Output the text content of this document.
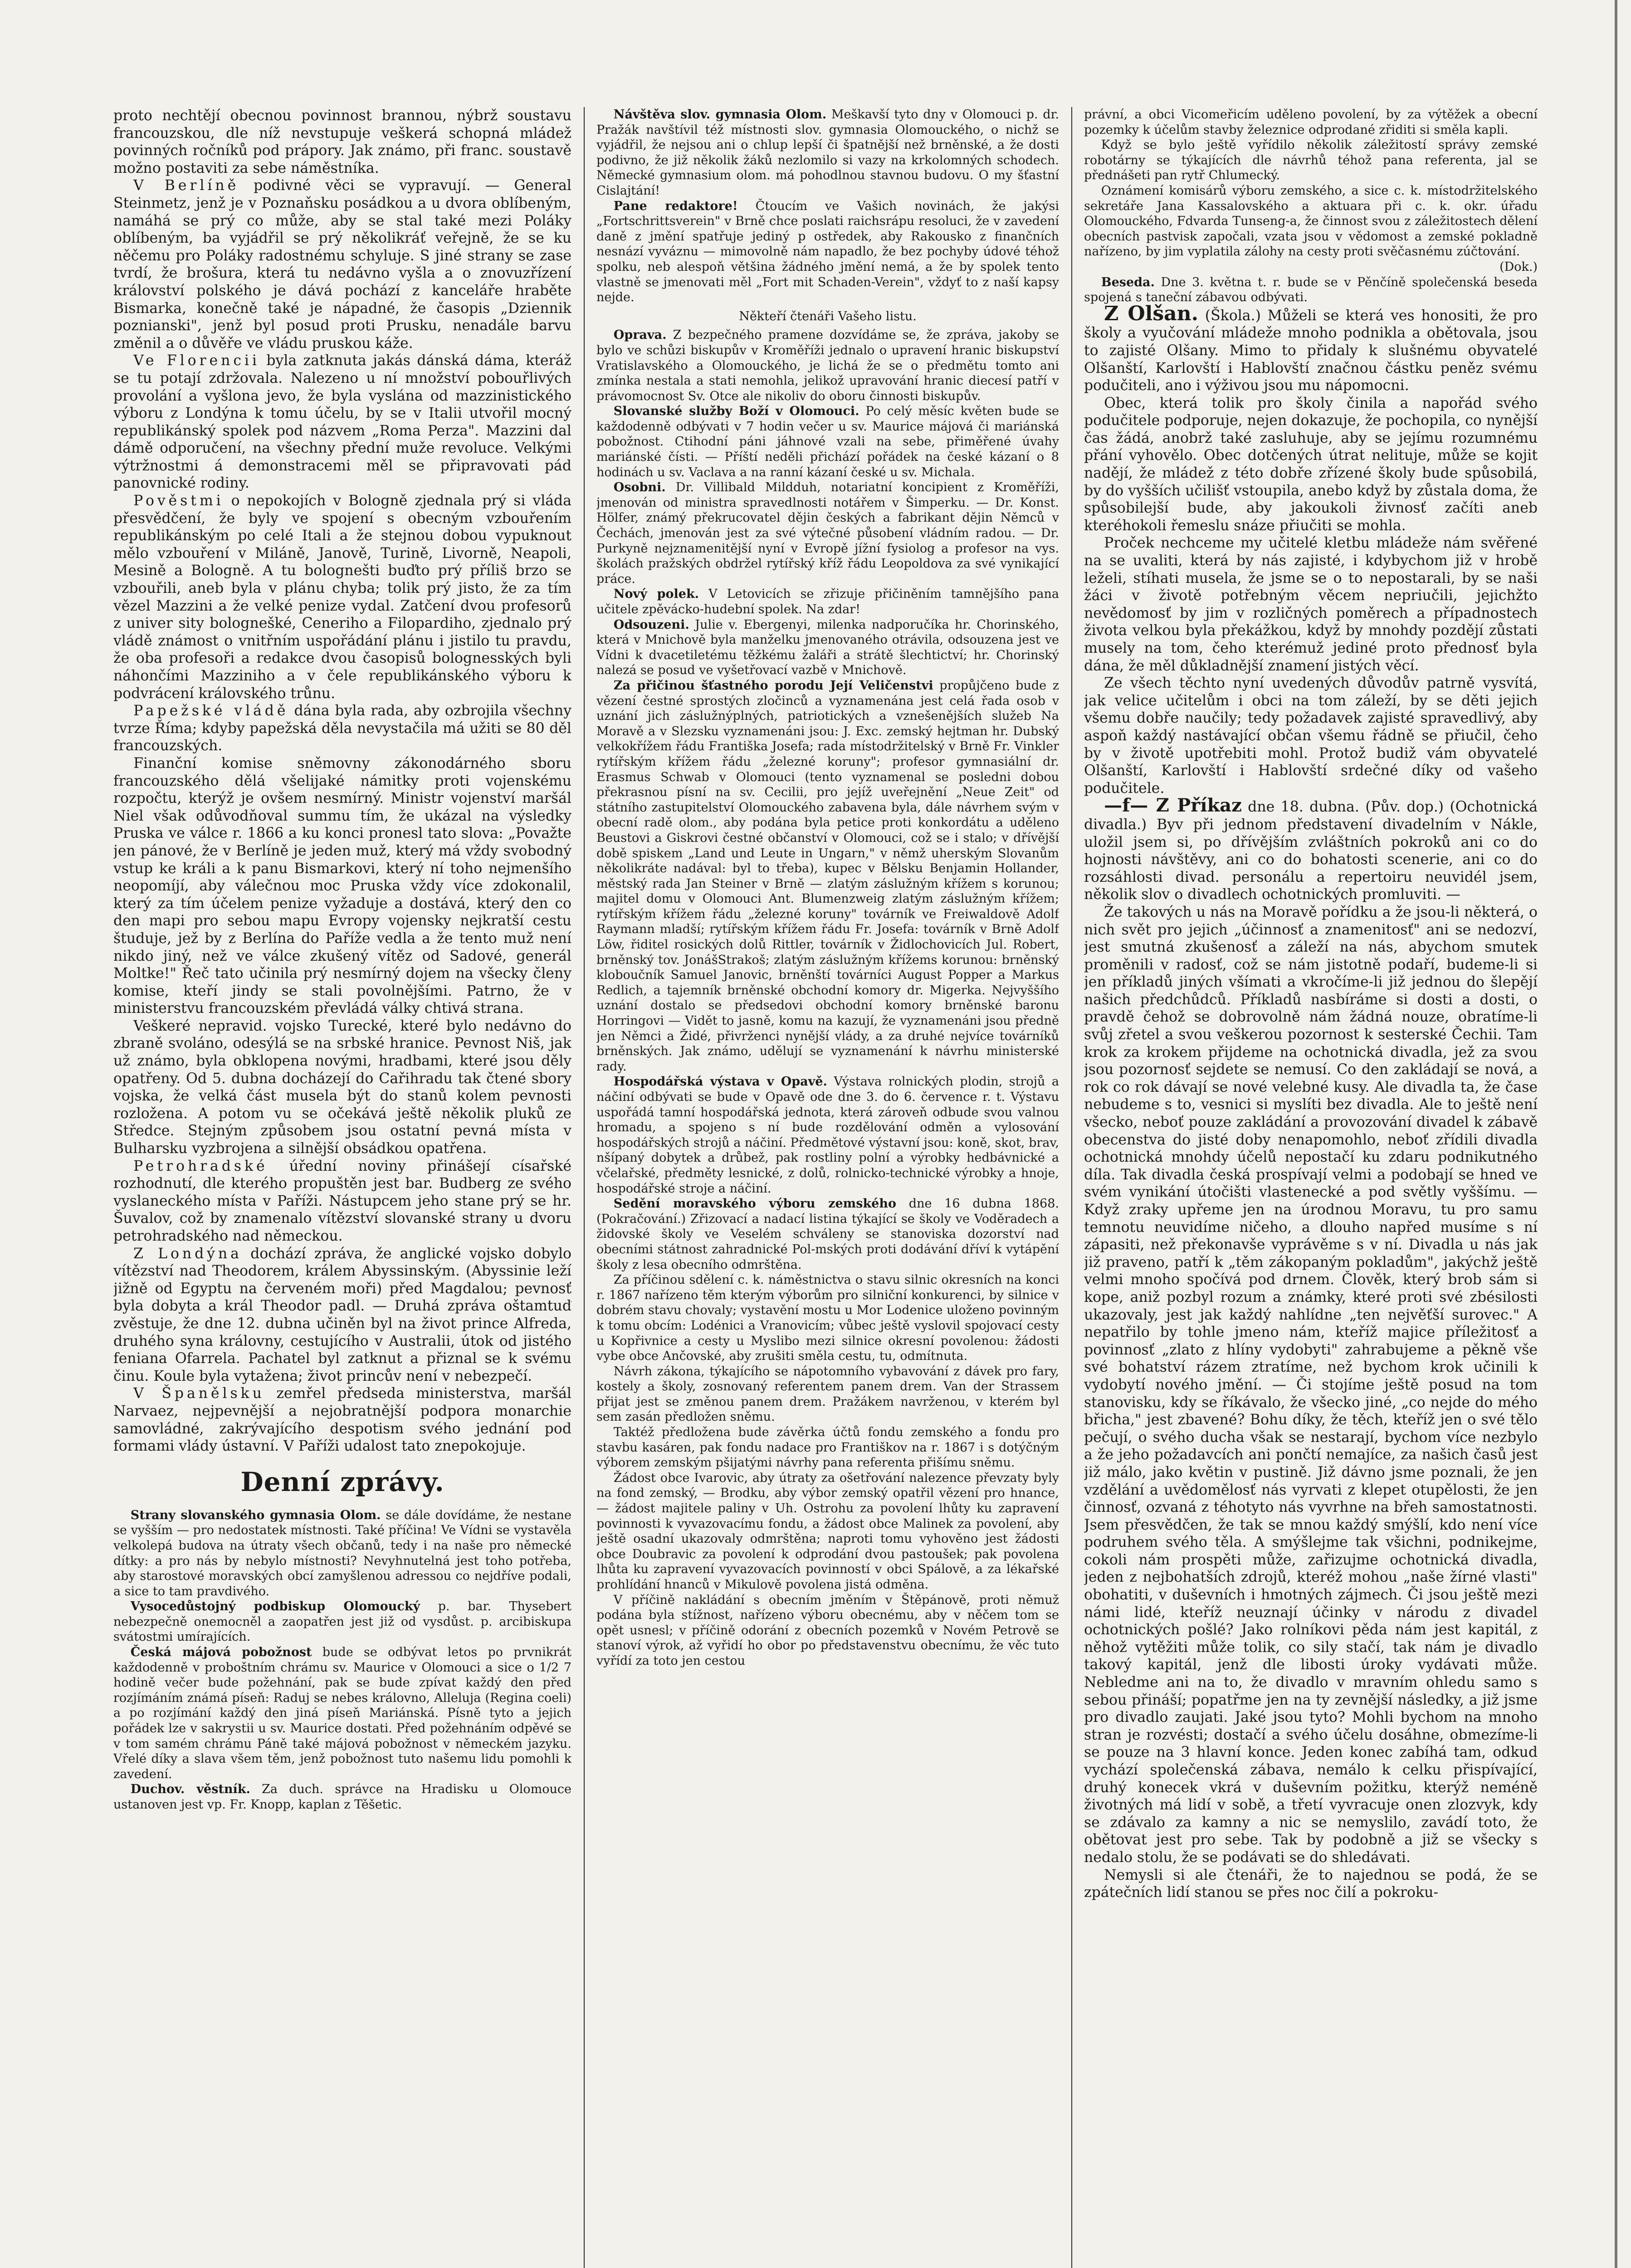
proto nechtějí obecnou povinnost brannou, nýbrž soustavu francouzskou, dle níž nevstupuje veškerá schopná mládež povinných ročníků pod prápory. Jak známo, při franc. soustavě možno postaviti za sebe náměstníka.

V Berlíně podivné věci se vypravují. — General Steinmetz, jenž je v Poznaňsku posádkou a u dvora oblíbeným, namáhá se prý co může, aby se stal také mezi Poláky oblíbeným, ba vyjádřil se prý několikráť veřejně, že se ku něčemu pro Poláky radostnému schyluje. S jiné strany se zase tvrdí, že brošura, která tu nedávno vyšla a o znovuzřízení království polského je dává pochází z kanceláře hraběte Bismarka, konečně také je nápadné, že časopis „Dziennik poznianski", jenž byl posud proti Prusku, nenadále barvu změnil a o důvěře ve vládu pruskou káže.

Ve Florencii byla zatknuta jakás dánská dáma, kteráž se tu potají zdržovala. Nalezeno u ní množství pobouřlivých provolání a vyšlona jevo, že byla vyslána od mazzinistického výboru z Londýna k tomu účelu, by se v Italii utvořil mocný republikánský spolek pod názvem „Roma Perza". Mazzini dal dámě odporučení, na všechny přední muže revoluce. Velkými výtržnostmi á demonstracemi měl se připravovati pád panovnické rodiny.

Pověstmi o nepokojích v Bologně zjednala prý si vláda přesvědčení, že byly ve spojení s obecným vzbouřením republikánským po celé Itali a že stejnou dobou vypuknout mělo vzbouření v Miláně, Janově, Turině, Livorně, Neapoli, Mesině a Bologně. A tu bolognešti buďto prý příliš brzo se vzbouřili, aneb byla v plánu chyba; tolik prý jisto, že za tím vězel Mazzini a že velké penize vydal. Zatčení dvou profesorů z univer sity bolognešké, Ceneriho a Filopardiho, zjednalo prý vládě známost o vnitřním uspořádání plánu i jistilo tu pravdu, že oba profesoři a redakce dvou časopisů bolognesských byli náhončími Mazziniho a v čele republikánského výboru k podvrácení královského trůnu.

Papežské vládě dána byla rada, aby ozbrojila všechny tvrze Říma; kdyby papežská děla nevystačila má užiti se 80 děl francouzských.

Finanční komise sněmovny zákonodárného sboru francouzského dělá všelijaké námitky proti vojenskému rozpočtu, kterýž je ovšem nesmírný. Ministr vojenství maršál Niel však odůvodňoval summu tím, že ukázal na výsledky Pruska ve válce r. 1866 a ku konci pronesl tato slova: „Považte jen pánové, že v Berlíně je jeden muž, který má vždy svobodný vstup ke králi a k panu Bismarkovi, který ní toho nejmenšího neopomíjí, aby válečnou moc Pruska vždy více zdokonalil, který za tím účelem penize vyžaduje a dostává, který den co den mapi pro sebou mapu Evropy vojensky nejkratší cestu študuje, jež by z Berlína do Paříže vedla a že tento muž není nikdo jiný, než ve válce zkušený vítěz od Sadové, generál Moltke!" Řeč tato učinila prý nesmírný dojem na všecky členy komise, kteří jindy se stali povolnějšími. Patrno, že v ministerstvu francouzském převládá války chtivá strana.

Veškeré nepravid. vojsko Turecké, které bylo nedávno do zbraně svoláno, odesýlá se na srbské hranice. Pevnost Niš, jak už známo, byla obklopena novými, hradbami, které jsou děly opatřeny. Od 5. dubna docházejí do Cařihradu tak čtené sbory vojska, že velká část musela být do stanů kolem pevnosti rozložena. A potom vu se očekává ještě několik pluků ze Středce. Stejným způsobem jsou ostatní pevná místa v Bulharsku vyzbrojena a silnější obsádkou opatřena.

Petrohradské úřední noviny přinášejí císařské rozhodnutí, dle kterého propuštěn jest bar. Budberg ze svého vyslaneckého místa v Paříži. Nástupcem jeho stane prý se hr. Šuvalov, což by znamenalo vítězství slovanské strany u dvoru petrohradského nad německou.

Z Londýna dochází zpráva, že anglické vojsko dobylo vítězství nad Theodorem, králem Abyssinským. (Abyssinie leží jižně od Egyptu na červeném moři) před Magdalou; pevnosť byla dobyta a král Theodor padl. — Druhá zpráva oštamtuď zvěstuje, že dne 12. dubna učiněn byl na život prince Alfreda, druhého syna královny, cestujícího v Australii, útok od jistého feniana Ofarrela. Pachatel byl zatknut a přiznal se k svému činu. Koule byla vytažena; život princův není v nebezpečí.

V Španělsku zemřel předseda ministerstva, maršál Narvaez, nejpevnější a nejobratnější podpora monarchie samovládné, zakrývajícího despotism svého jednání pod formami vlády ústavní. V Paříži udalost tato znepokojuje.

Denní zprávy.

Strany slovanského gymnasia Olom. se dále dovídáme, že nestane se vyšším — pro nedostatek místnosti. Také příčina! Ve Vídni se vystavěla velkolepá budova na útraty všech občanů, tedy i na naše pro německé dítky: a pro nás by nebylo místnosti? Nevyhnutelná jest toho potřeba, aby starostové moravských obcí zamyšlenou adressou co nejdříve podali, a sice to tam pravdivého.

Vysocedůstojný podbiskup Olomoucký p. bar. Thysebert nebezpečně onemocněl a zaopatřen jest již od vysdůst. p. arcibiskupa svátostmi umírajících.

Česká májová pobožnost bude se odbývat letos po prvnikrát každodenně v proboštním chrámu sv. Maurice v Olomouci a sice o 1/2 7 hodině večer bude požehnání, pak se bude zpívat každý den před rozjímáním známá píseň: Raduj se nebes královno, Alleluja (Regina coeli) a po rozjímání každý den jiná píseň Mariánská. Písně tyto a jejich pořádek lze v sakrystii u sv. Maurice dostati. Před požehnáním odpěvé se v tom samém chrámu Páně také májová pobožnost v německém jazyku. Vřelé díky a slava všem těm, jenž pobožnost tuto našemu lidu pomohli k zavedení.

Duchov. věstník. Za duch. správce na Hradisku u Olomouce ustanoven jest vp. Fr. Knopp, kaplan z Těšetic.

Návštěva slov. gymnasia Olom. Meškavší tyto dny v Olomouci p. dr. Pražák navštívil též místnosti slov. gymnasia Olomouckého, o nichž se vyjádřil, že nejsou ani o chlup lepší či špatnější než brněnské, a že dosti podivno, že již několik žáků nezlomilo si vazy na krkolomných schodech. Německé gymnasium olom. má pohodlnou stavnou budovu. O my šťastní Cislajtání!

Pane redaktore! Čtoucím ve Vašich novinách, že jakýsi „Fortschrittsverein" v Brně chce poslati raichsrápu resoluci, že v zavedení daně z jmění spatřuje jediný p ostředek, aby Rakousko z finančních nesnází vyváznu — mimovolně nám napadlo, že bez pochyby údové téhož spolku, neb alespoň většina žádného jmění nemá, a že by spolek tento vlastně se jmenovati měl „Fort mit Schaden-Verein", vždyť to z naší kapsy nejde.

Někteří čtenáři Vašeho listu.

Oprava. Z bezpečného pramene dozvídáme se, že zpráva, jakoby se bylo ve schůzi biskupův v Kroměříži jednalo o upravení hranic biskupství Vratislavského a Olomouckého, je lichá že se o předmětu tomto ani zmínka nestala a stati nemohla, jelikož upravování hranic diecesí patří v právomocnost Sv. Otce ale nikoliv do oboru činnosti biskupův.

Slovanské služby Boží v Olomouci. Po celý měsíc květen bude se každodenně odbývati v 7 hodin večer u sv. Maurice májová či mariánská pobožnost. Ctihodní páni jáhnové vzali na sebe, přiměřené úvahy mariánské čísti. — Příští neděli přichází pořádek na české kázaní o 8 hodinách u sv. Vaclava a na ranní kázaní české u sv. Michala.

Osobni. Dr. Villibald Mildduh, notariatní koncipient z Kroměříži, jmenován od ministra spravedlnosti notářem v Šimperku. — Dr. Konst. Hölfer, známý překrucovatel dějin českých a fabrikant dějin Němců v Čechách, jmenován jest za své výtečné působení vládním radou. — Dr. Purkyně nejznamenitější nyní v Evropě jížní fysiolog a profesor na vys. školách pražských obdržel rytířský kříž řádu Leopoldova za své vynikající práce.

Nový polek. V Letovicích se zřizuje přičiněním tamnějšího pana učitele zpěvácko-hudební spolek. Na zdar!

Odsouzeni. Julie v. Ebergenyi, milenka nadporučíka hr. Chorinského, která v Mnichově byla manželku jmenovaného otrávila, odsouzena jest ve Vídni k dvacetiletému těžkému žaláři a strátě šlechtictví; hr. Chorinský nalezá se posud ve vyšetřovací vazbě v Mnichově.

Za přičinou šťastného porodu Její Veličenstvi propůjčeno bude z vězení čestné sprostých zločinců a vyznamenána jest celá řada osob v uznání jich záslužnýplných, patriotických a vznešenějších služeb Na Moravě a v Slezsku vyznamenáni jsou: J. Exc. zemský hejtman hr. Dubský velkokřížem řádu Františka Josefa; rada místodržitelský v Brně Fr. Vinkler rytířským křížem řádu „železné koruny"; profesor gymnasiální dr. Erasmus Schwab v Olomouci (tento vyznamenal se posledni dobou překrasnou písní na sv. Cecilii, pro jejíž uveřejnění „Neue Zeit" od státního zastupitelství Olomouckého zabavena byla, dále návrhem svým v obecní radě olom., aby podána byla petice proti konkordátu a uděleno Beustovi a Giskrovi čestné občanství v Olomouci, což se i stalo; v dřívější době spiskem „Land und Leute in Ungarn," v němž uherským Slovanům několikráte nadával: byl to třeba), kupec v Bělsku Benjamin Hollander, městský rada Jan Steiner v Brně — zlatým záslužným křížem s korunou; majitel domu v Olomouci Ant. Blumenzweig zlatým záslužným křížem; rytířským křížem řádu „železné koruny" továrník ve Freiwaldově Adolf Raymann mladší; rytířským křížem řádu Fr. Josefa: továrník v Brně Adolf Löw, řiditel rosických dolů Rittler, továrník v Židlochovicích Jul. Robert, brněnský tov. JonášStrakoš; zlatým záslužným křížems korunou: brněnský kloboučník Samuel Janovic, brněnští továrníci August Popper a Markus Redlich, a tajemník brněnské obchodní komory dr. Migerka. Nejvyššího uznání dostalo se předsedovi obchodní komory brněnské baronu Horringovi — Vidět to jasně, komu na kazují, že vyznamenáni jsou předně jen Němci a Židé, přivrženci nynější vlády, a za druhé nejvíce továrníků brněnských. Jak známo, udělují se vyznamenání k návrhu ministerské rady.

Hospodářská výstava v Opavě. Výstava rolnických plodin, strojů a náčiní odbývati se bude v Opavě ode dne 3. do 6. července r. t. Výstavu uspořádá tamní hospodářská jednota, která zároveň odbude svou valnou hromadu, a spojeno s ní bude rozdělování odměn a vylosování hospodářských strojů a náčiní. Předmětové výstavní jsou: koně, skot, brav, nšípaný dobytek a drůbež, pak rostliny polní a výrobky hedbávnické a včelařské, předměty lesnické, z dolů, rolnicko-technické výrobky a hnoje, hospodářské stroje a náčiní.

Sedění moravského výboru zemského dne 16 dubna 1868. (Pokračování.) Zřizovací a nadací listina týkající se školy ve Voděradech a židovské školy ve Veselém schváleny se stanoviska dozorství nad obecními státnost zahradnické Pol-mských proti dodávání dříví k vytápění školy z lesa obecního odmrštěna.

Za příčinou sdělení c. k. náměstnictva o stavu silnic okresních na konci r. 1867 nařízeno těm kterým výborům pro silniční konkurenci, by silnice v dobrém stavu chovaly; vystavění mostu u Mor Lodenice uloženo povinným k tomu obcím: Lodénici a Vranovicím; vůbec ještě vyslovil spojovací cesty u Kopřivnice a cesty u Myslibo mezi silnice okresní povolenou: žádosti vybe obce Ančovské, aby zrušiti směla cestu, tu, odmítnuta.

Návrh zákona, týkajícího se nápotomního vybavování z dávek pro fary, kostely a školy, zosnovaný referentem panem drem. Van der Strassem přijat jest se změnou panem drem. Pražákem navrženou, v kterém byl sem zasán předložen sněmu.

Taktéž předložena bude závěrka účtů fondu zemského a fondu pro stavbu kasáren, pak fondu nadace pro Františkov na r. 1867 i s dotýčným výborem zemským pšijatými návrhy pana referenta přišímu sněmu.

Žádost obce Ivarovic, aby útraty za ošetřování nalezence převzaty byly na fond zemský, — Brodku, aby výbor zemský opatřil vězení pro hnance, — žádost majitele paliny v Uh. Ostrohu za povolení lhůty ku zapravení povinnosti k vyvazovacímu fondu, a žádost obce Malinek za povolení, aby ještě osadní ukazovaly odmrštěna; naproti tomu vyhověno jest žádosti obce Doubravic za povolení k odprodání dvou pastoušek; pak povolena lhůta ku zapravení vyvazovacích povinností v obci Spálově, a za lékařské prohlídání hnanců v Mikulově povolena jistá odměna.

V příčině nakládání s obecním jměním v Štěpánově, proti němuž podána byla stížnost, nařízeno výboru obecnému, aby v něčem tom se opět usnesl; v příčině odorání z obecních pozemků v Novém Petrově se stanoví výrok, až vyřidí ho obor po představenstvu obecnímu, že věc tuto vyřídí za toto jen cestou

právní, a obci Vicomeřicím uděleno povolení, by za výtěžek a obecní pozemky k účelům stavby železnice odprodané zřiditi si směla kapli.

Když se bylo ještě vyřídilo několik záležitostí správy zemské robotárny se týkajících dle návrhů téhož pana referenta, jal se přednášeti pan rytř Chlumecký.

Oznámení komisárů výboru zemského, a sice c. k. místodržitelského sekretáře Jana Kassalovského a aktuara při c. k. okr. úřadu Olomouckého, Fdvarda Tunseng-a, že činnost svou z záležitostech dělení obecních pastvisk započali, vzata jsou v vědomost a zemské pokladně nařízeno, by jim vyplatila zálohy na cesty proti svěčasnému zúčtování.

(Dok.)

Beseda. Dne 3. května t. r. bude se v Pěnčíně společenská beseda spojená s taneční zábavou odbývati.

Z Olšan. (Škola.) Můželi se která ves honositi, že pro školy a vyučování mládeže mnoho podnikla a obětovala, jsou to zajisté Olšany. Mimo to přidaly k slušnému obyvatelé Olšanští, Karlovští i Hablovští značnou částku peněz svému podučiteli, ano i výživou jsou mu nápomocni.

Obec, která tolik pro školy činila a napořád svého podučitele podporuje, nejen dokazuje, že pochopila, co nynější čas žádá, anobrž také zasluhuje, aby se jejímu rozumnému přání vyhovělo. Obec dotčených útrat nelituje, může se kojit nadějí, že mládež z této dobře zřízené školy bude spůsobilá, by do vyšších učilišť vstoupila, anebo když by zůstala doma, že spůsobilejší bude, aby jakoukoli živnosť začíti aneb kteréhokoli řemeslu snáze přiučiti se mohla.

Proček nechceme my učitelé kletbu mládeže nám svěřené na se uvaliti, která by nás zajisté, i kdybychom již v hrobě leželi, stíhati musela, že jsme se o to nepostarali, by se naši žáci v životě potřebným věcem nepriučili, jejichžto nevědomosť by jim v rozličných poměrech a případnostech života velkou byla překážkou, když by mnohdy pozdějí zůstati musely na tom, čeho kterémuž jediné proto přednosť byla dána, že měl důkladnější znamení jistých věcí.

Ze všech těchto nyní uvedených důvodův patrně vysvítá, jak velice učitelům i obci na tom záleží, by se děti jejich všemu dobře naučily; tedy požadavek zajisté spravedlivý, aby aspoň každý nastávající občan všemu řádně se přiučil, čeho by v životě upotřebiti mohl. Protož budiž vám obyvatelé Olšanští, Karlovští i Hablovští srdečné díky od vašeho podučitele.

—f— Z Příkaz dne 18. dubna. (Pův. dop.) (Ochotnická divadla.) Byv při jednom představení divadelním v Nákle, uložil jsem si, po dřívějším zvláštních pokroků ani co do hojnosti návštěvy, ani co do bohatosti scenerie, ani co do rozsáhlosti divad. personálu a repertoiru neuvidél jsem, několik slov o divadlech ochotnických promluviti. —

Že takových u nás na Moravě pořídku a že jsou-li některá, o nich svět pro jejich „účinnosť a znamenitosť" ani se nedozví, jest smutná zkušenosť a záleží na nás, abychom smutek proměnili v radosť, což se nám jistotně podaří, budeme-li si jen příkladů jiných všímati a vkročíme-li již jednou do šlepějí našich předchůdců. Příkladů nasbíráme si dosti a dosti, o pravdě čehož se dobrovolně nám žádná nouze, obratíme-li svůj zřetel a svou veškerou pozornost k sesterské Čechii. Tam krok za krokem přijdeme na ochotnická divadla, jež za svou jsou pozornosť sejdete se nemusí. Co den zakládají se nová, a rok co rok dávají se nové velebné kusy. Ale divadla ta, že čase nebudeme s to, vesnici si myslíti bez divadla. Ale to ještě není všecko, neboť pouze zakládání a provozování divadel k zábavě obecenstva do jisté doby nenapomohlo, neboť zřídili divadla ochotnická mnohdy účelů nepostačí ku zdaru podnikutného díla. Tak divadla česká prospívají velmi a podobají se hned ve svém vynikání útočišti vlastenecké a pod světly vyššímu. — Když zraky upřeme jen na úrodnou Moravu, tu pro samu temnotu neuvidíme ničeho, a dlouho napřed musíme s ní zápasiti, než překonavše vyprávěme s v ní. Divadla u nás jak již praveno, patří k „těm zákopaným pokladům", jakýchž ještě velmi mnoho spočívá pod drnem. Člověk, který brob sám si kope, aniž pozbyl rozum a známky, které proti své zbésilosti ukazovaly, jest jak každý nahlídne „ten nejvěťší surovec." A nepatřilo by tohle jmeno nám, kteříž majice příležitosť a povinnosť „zlato z hlíny vydobyti" zahrabujeme a pěkně vše své bohatství rázem ztratíme, než bychom krok učinili k vydobytí nového jmění. — Či stojíme ještě posud na tom stanovisku, kdy se říkávalo, že všecko jiné, „co nejde do mého břicha," jest zbavené? Bohu díky, že těch, kteříž jen o své tělo pečují, o svého ducha však se nestarají, bychom více nezbylo a že jeho požadavcích ani pončtí nemajíce, za našich časů jest již málo, jako květin v pustině. Již dávno jsme poznali, že jen vzdělání a uvědomělosť nás vyrvati z klepet otupělosti, že jen činnosť, ozvaná z téhotyto nás vyvrhne na břeh samostatnosti. Jsem přesvědčen, že tak se mnou každý smýšlí, kdo není více podruhem svého těla. A smýšlejme tak všichni, podnikejme, cokoli nám prospěti může, zařizujme ochotnická divadla, jeden z nejbohatších zdrojů, kteréž mohou „naše žírné vlasti" obohatiti, v duševních i hmotných zájmech. Či jsou ještě mezi námi lidé, kteříž neuznají účinky v národu z divadel ochotnických pošlé? Jako rolníkovi pěda nám jest kapitál, z něhož vytěžiti může tolik, co sily stačí, tak nám je divadlo takový kapitál, jenž dle libosti úroky vydávati může. Nebledme ani na to, že divadlo v mravním ohledu samo s sebou přináší; popatřme jen na ty zevnější následky, a již jsme pro divadlo zaujati. Jaké jsou tyto? Mohli bychom na mnoho stran je rozvésti; dostačí a svého účelu dosáhne, obmezíme-li se pouze na 3 hlavní konce. Jeden konec zabíhá tam, odkud vychází společenská zábava, nemálo k celku přispívající, druhý konecek vkrá v duševním požitku, kterýž neméně životných má lidí v sobě, a třetí vyvracuje onen zlozvyk, kdy se zdávalo za kamny a nic se nemyslilo, zavádí toto, že obětovat jest pro sebe. Tak by podobně a již se všecky s nedalo stolu, že se podávati se do shledávati.

Nemysli si ale čtenáři, že to najednou se podá, že se zpátečních lidí stanou se přes noc čilí a pokroku-
